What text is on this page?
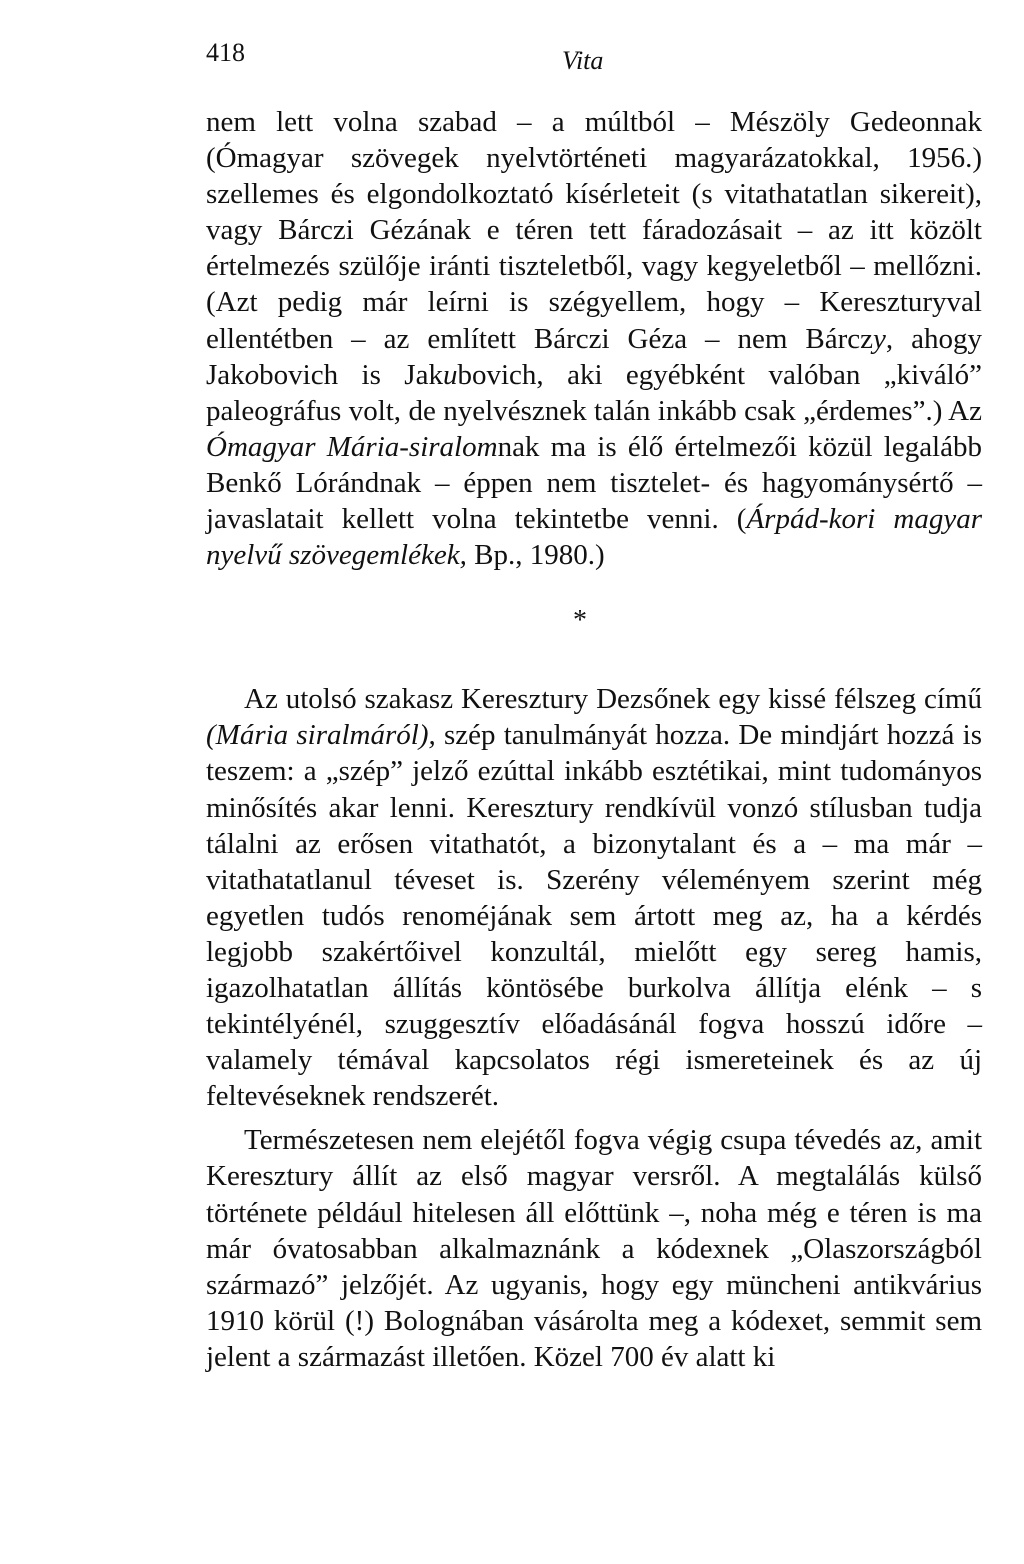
418	Vita

nem lett volna szabad – a múltból – Mészöly Gedeonnak (Ómagyar szövegek nyelvtörténeti magyarázatokkal, 1956.) szellemes és elgondolkoztató kísérleteit (s vitathatatlan sikereit), vagy Bárczi Gézának e téren tett fáradozásait – az itt közölt értelmezés szülője iránti tiszteletből, vagy kegyeletből – mellőzni. (Azt pedig már leírni is szégyellem, hogy – Kereszturyval ellentétben – az említett Bárczi Géza – nem Bárczy, ahogy Jakobovich is Jakubovich, aki egyébként valóban „kiváló” paleográfus volt, de nyelvésznek talán inkább csak „érdemes”.) Az Ómagyar Mária-siralomnak ma is élő értelmezői közül legalább Benkő Lórándnak – éppen nem tisztelet- és hagyománysértő – javaslatait kellett volna tekintetbe venni. (Árpád-kori magyar nyelvű szövegemlékek, Bp., 1980.)

*

Az utolsó szakasz Keresztury Dezsőnek egy kissé félszeg című (Mária siralmáról), szép tanulmányát hozza. De mindjárt hozzá is teszem: a „szép” jelző ezúttal inkább esztétikai, mint tudományos minősítés akar lenni. Keresztury rendkívül vonzó stílusban tudja tálalni az erősen vitathatót, a bizonytalant és a – ma már – vitathatatlanul téveset is. Szerény véleményem szerint még egyetlen tudós renoméjának sem ártott meg az, ha a kérdés legjobb szakértőivel konzultál, mielőtt egy sereg hamis, igazolhatatlan állítás köntösébe burkolva állítja elénk – s tekintélyénél, szuggesztív előadásánál fogva hosszú időre – valamely témával kapcsolatos régi ismereteinek és az új feltevéseknek rendszerét.

Természetesen nem elejétől fogva végig csupa tévedés az, amit Keresztury állít az első magyar versről. A megtalálás külső története például hitelesen áll előttünk –, noha még e téren is ma már óvatosabban alkalmaznánk a kódexnek „Olaszországból származó” jelzőjét. Az ugyanis, hogy egy müncheni antikvárius 1910 körül (!) Bolognában vásárolta meg a kódexet, semmit sem jelent a származást illetően. Közel 700 év alatt ki
